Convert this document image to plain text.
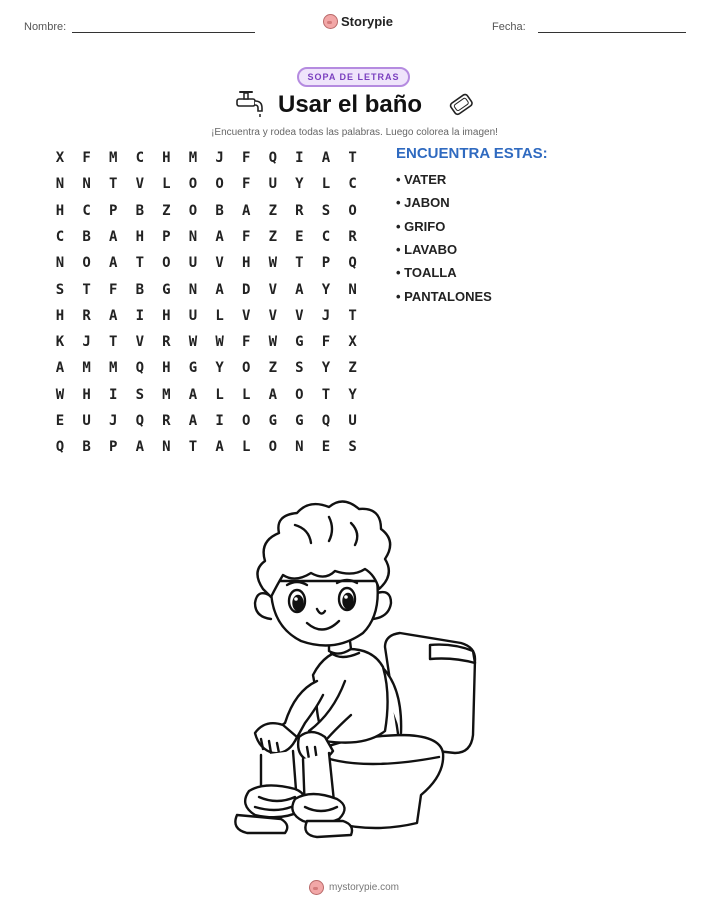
Nombre:	Storypie	Fecha:
SOPA DE LETRAS
Usar el baño
¡Encuentra y rodea todas las palabras. Luego colorea la imagen!
X	F	M	C	H	M	J	F	Q	I	A	T
N	N	T	V	L	O	O	F	U	Y	L	C
H	C	P	B	Z	O	B	A	Z	R	S	O
C	B	A	H	P	N	A	F	Z	E	C	R
N	O	A	T	O	U	V	H	W	T	P	Q
S	T	F	B	G	N	A	D	V	A	Y	N
H	R	A	I	H	U	L	V	V	V	J	T
K	J	T	V	R	W	W	F	W	G	F	X
A	M	M	Q	H	G	Y	O	Z	S	Y	Z
W	H	I	S	M	A	L	L	A	O	T	Y
E	U	J	Q	R	A	I	O	G	G	Q	U
Q	B	P	A	N	T	A	L	O	N	E	S
ENCUENTRA ESTAS:
• VATER
• JABON
• GRIFO
• LAVABO
• TOALLA
• PANTALONES
mystorypie.com
